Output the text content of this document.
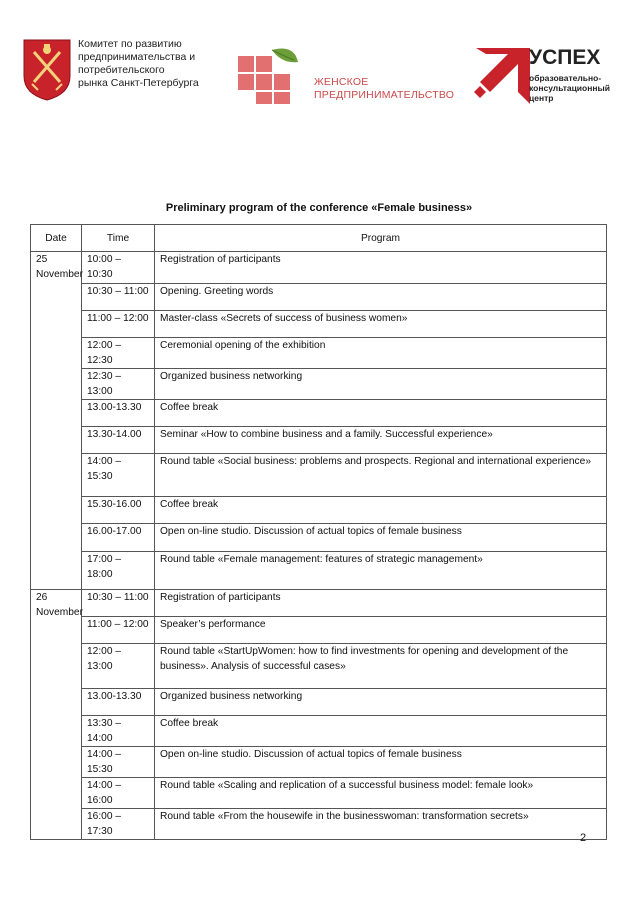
Комитет по развитию
предпринимательства и
потребительского
рынка Санкт-Петербурга	ЖЕНСКОЕ
ПРЕДПРИНИМАТЕЛЬСТВО
УСПЕХ
образовательно-
консультационный
центр
Preliminary program of the conference «Female business»
Date	Time	Program
25 November	10:00 – 10:30	Registration of participants
	10:30 – 11:00	Opening. Greeting words
	11:00 – 12:00	Master-class «Secrets of success of business women»
	12:00 – 12:30	Ceremonial opening of the exhibition
	12:30 – 13:00	Organized business networking
	13.00-13.30	Coffee break
	13.30-14.00	Seminar «How to combine business and a family. Successful experience»
	14:00 – 15:30	Round table «Social business: problems and prospects. Regional and international experience»
	15.30-16.00	Coffee break
	16.00-17.00	Open on-line studio. Discussion of actual topics of female business
	17:00 – 18:00	Round table «Female management: features of strategic management»
26 November	10:30 – 11:00	Registration of participants
	11:00 – 12:00	Speaker’s performance
	12:00 – 13:00	Round table «StartUpWomen: how to find investments for opening and development of the business». Analysis of successful cases»
	13.00-13.30	Organized business networking
	13:30 – 14:00	Coffee break
	14:00 – 15:30	Open on-line studio. Discussion of actual topics of female business
	14:00 – 16:00	Round table «Scaling and replication of a successful business model: female look»
	16:00 – 17:30	Round table «From the housewife in the businesswoman: transformation secrets»
2
